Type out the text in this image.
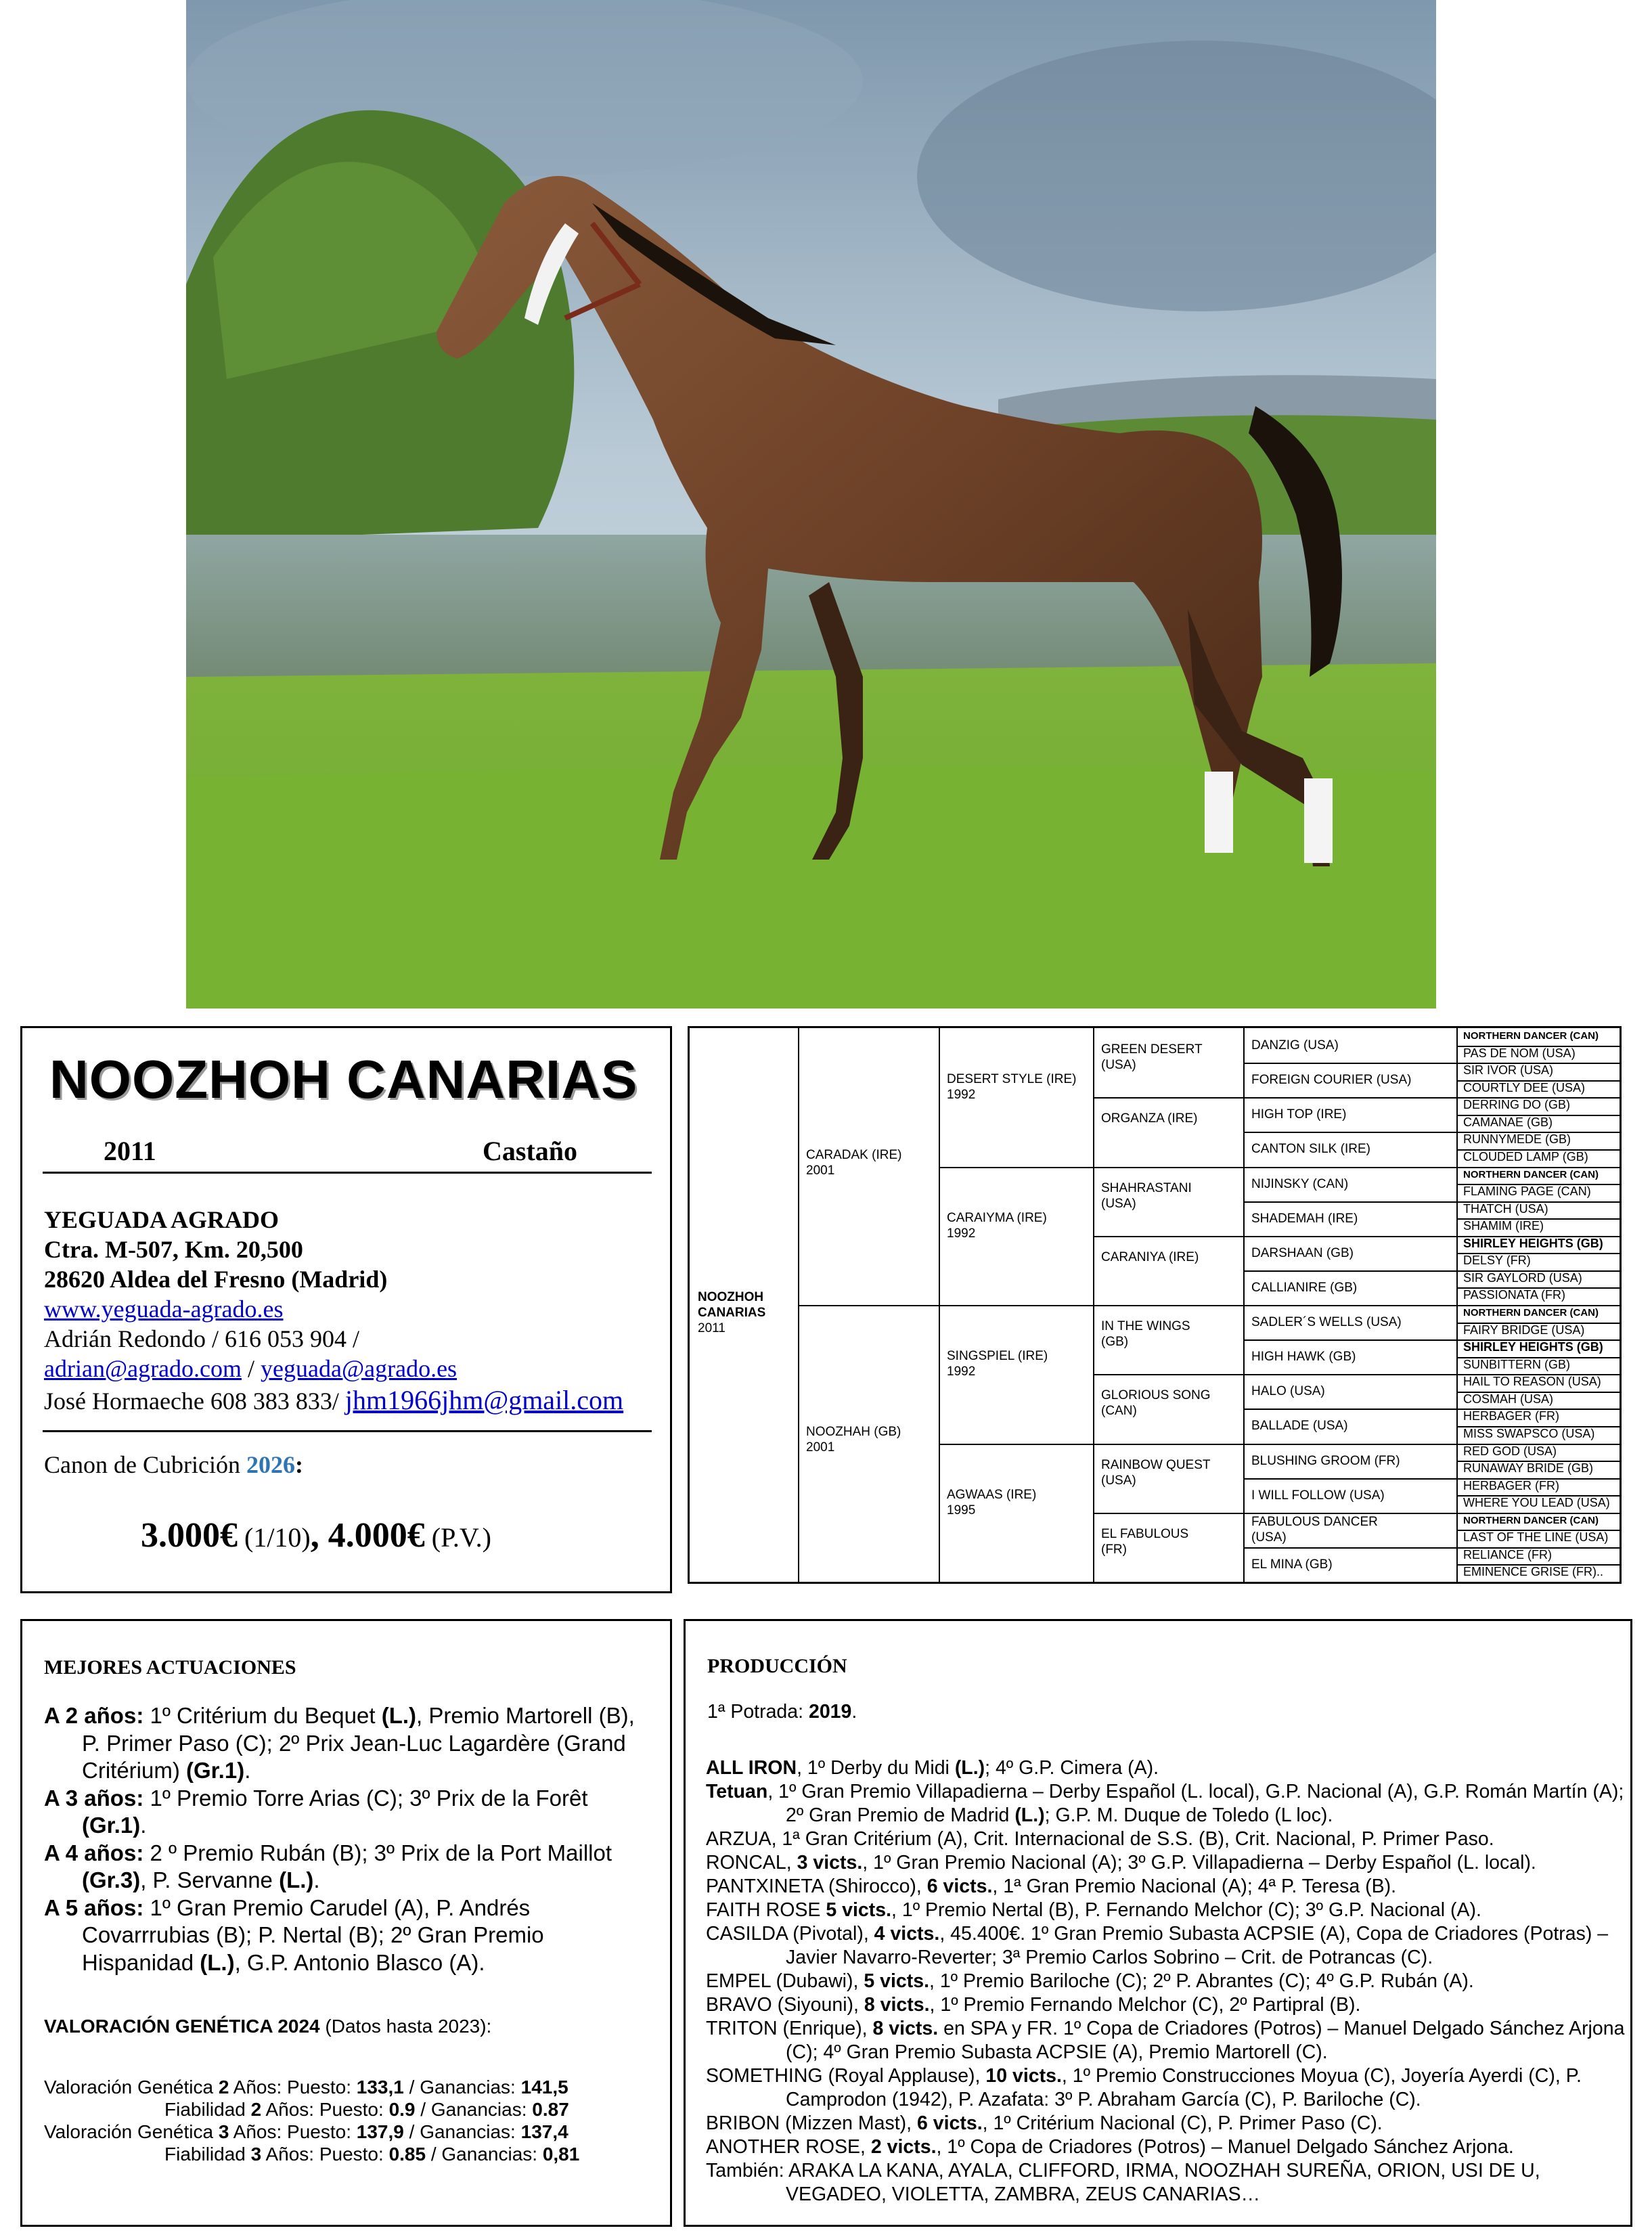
NOOZHOH CANARIAS
2011	Castaño
YEGUADA AGRADO
Ctra. M-507, Km. 20,500
28620 Aldea del Fresno (Madrid)
www.yeguada-agrado.es
Adrián Redondo / 616 053 904 /
adrian@agrado.com / yeguada@agrado.es
José Hormaeche 608 383 833/ jhm1966jhm@gmail.com
Canon de Cubrición 2026:
3.000€ (1/10), 4.000€ (P.V.)
NOOZHOH
CANARIAS
2011
CARADAK (IRE)
2001
NOOZHAH (GB)
2001
DESERT STYLE (IRE)
1992
CARAIYMA (IRE)
1992
SINGSPIEL (IRE)
1992
AGWAAS (IRE)
1995
GREEN DESERT
(USA)
ORGANZA (IRE)
SHAHRASTANI
(USA)
CARANIYA (IRE)
IN THE WINGS
(GB)
GLORIOUS SONG
(CAN)
RAINBOW QUEST
(USA)
EL FABULOUS
(FR)
DANZIG (USA)
FOREIGN COURIER (USA)
HIGH TOP (IRE)
CANTON SILK (IRE)
NIJINSKY (CAN)
SHADEMAH (IRE)
DARSHAAN (GB)
CALLIANIRE (GB)
SADLER´S WELLS (USA)
HIGH HAWK (GB)
HALO (USA)
BALLADE (USA)
BLUSHING GROOM (FR)
I WILL FOLLOW (USA)
FABULOUS DANCER
(USA)
EL MINA (GB)
NORTHERN DANCER (CAN)
PAS DE NOM (USA)
SIR IVOR (USA)
COURTLY DEE (USA)
DERRING DO (GB)
CAMANAE (GB)
RUNNYMEDE (GB)
CLOUDED LAMP (GB)
NORTHERN DANCER (CAN)
FLAMING PAGE (CAN)
THATCH (USA)
SHAMIM (IRE)
SHIRLEY HEIGHTS (GB)
DELSY (FR)
SIR GAYLORD (USA)
PASSIONATA (FR)
NORTHERN DANCER (CAN)
FAIRY BRIDGE (USA)
SHIRLEY HEIGHTS (GB)
SUNBITTERN (GB)
HAIL TO REASON (USA)
COSMAH (USA)
HERBAGER (FR)
MISS SWAPSCO (USA)
RED GOD (USA)
RUNAWAY BRIDE (GB)
HERBAGER (FR)
WHERE YOU LEAD (USA)
NORTHERN DANCER (CAN)
LAST OF THE LINE (USA)
RELIANCE (FR)
EMINENCE GRISE (FR)..
MEJORES ACTUACIONES

A 2 años: 1º Critérium du Bequet (L.), Premio Martorell (B), P. Primer Paso (C); 2º Prix Jean-Luc Lagardère (Grand Critérium) (Gr.1).

A 3 años: 1º Premio Torre Arias (C); 3º Prix de la Forêt (Gr.1).

A 4 años: 2 º Premio Rubán (B); 3º Prix de la Port Maillot (Gr.3), P. Servanne (L.).

A 5 años: 1º Gran Premio Carudel (A), P. Andrés Covarrrubias (B); P. Nertal (B); 2º Gran Premio Hispanidad (L.), G.P. Antonio Blasco (A).

VALORACIÓN GENÉTICA 2024 (Datos hasta 2023):
Valoración Genética 2 Años: Puesto: 133,1 / Ganancias: 141,5
Fiabilidad 2 Años: Puesto: 0.9 / Ganancias: 0.87
Valoración Genética 3 Años: Puesto: 137,9 / Ganancias: 137,4
Fiabilidad 3 Años: Puesto: 0.85 / Ganancias: 0,81
PRODUCCIÓN
1ª Potrada: 2019.

ALL IRON, 1º Derby du Midi (L.); 4º G.P. Cimera (A).

Tetuan, 1º Gran Premio Villapadierna – Derby Español (L. local), G.P. Nacional (A), G.P. Román Martín (A); 2º Gran Premio de Madrid (L.); G.P. M. Duque de Toledo (L loc).

ARZUA, 1ª Gran Critérium (A), Crit. Internacional de S.S. (B), Crit. Nacional, P. Primer Paso.

RONCAL, 3 victs., 1º Gran Premio Nacional (A); 3º G.P. Villapadierna – Derby Español (L. local).

PANTXINETA (Shirocco), 6 victs., 1ª Gran Premio Nacional (A); 4ª P. Teresa (B).

FAITH ROSE 5 victs., 1º Premio Nertal (B), P. Fernando Melchor (C); 3º G.P. Nacional (A).

CASILDA (Pivotal), 4 victs., 45.400€. 1º Gran Premio Subasta ACPSIE (A), Copa de Criadores (Potras) – Javier Navarro-Reverter; 3ª Premio Carlos Sobrino – Crit. de Potrancas (C).

EMPEL (Dubawi), 5 victs., 1º Premio Bariloche (C); 2º P. Abrantes (C); 4º G.P. Rubán (A).

BRAVO (Siyouni), 8 victs., 1º Premio Fernando Melchor (C), 2º Partipral (B).

TRITON (Enrique), 8 victs. en SPA y FR. 1º Copa de Criadores (Potros) – Manuel Delgado Sánchez Arjona (C); 4º Gran Premio Subasta ACPSIE (A), Premio Martorell (C).

SOMETHING (Royal Applause), 10 victs., 1º Premio Construcciones Moyua (C), Joyería Ayerdi (C), P. Camprodon (1942), P. Azafata: 3º P. Abraham García (C), P. Bariloche (C).

BRIBON (Mizzen Mast), 6 victs., 1º Critérium Nacional (C), P. Primer Paso (C).

ANOTHER ROSE, 2 victs., 1º Copa de Criadores (Potros) – Manuel Delgado Sánchez Arjona.

También: ARAKA LA KANA, AYALA, CLIFFORD, IRMA, NOOZHAH SUREÑA, ORION, USI DE U, VEGADEO, VIOLETTA, ZAMBRA, ZEUS CANARIAS…
